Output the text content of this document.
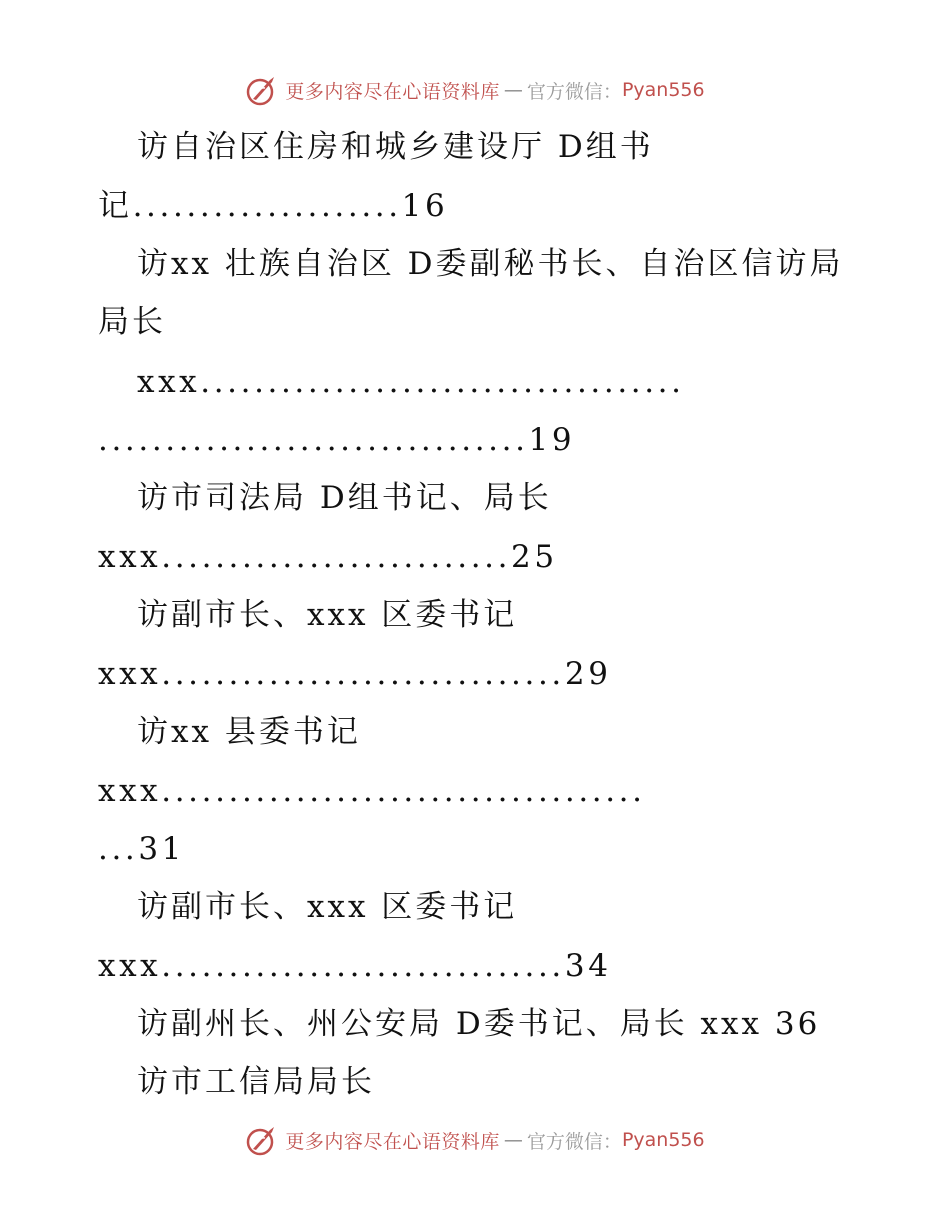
更多内容尽在心语资料库 — 官方微信： Pyan556
访自治区住房和城乡建设厅 D组书
记....................16
访xx 壮族自治区 D委副秘书长、自治区信访局
局长
xxx....................................
................................19
访市司法局 D组书记、局长
xxx..........................25
访副市长、xxx 区委书记
xxx..............................29
访xx 县委书记
xxx....................................
...31
访副市长、xxx 区委书记
xxx..............................34
访副州长、州公安局 D委书记、局长 xxx 36
访市工信局局长
更多内容尽在心语资料库 — 官方微信： Pyan556
